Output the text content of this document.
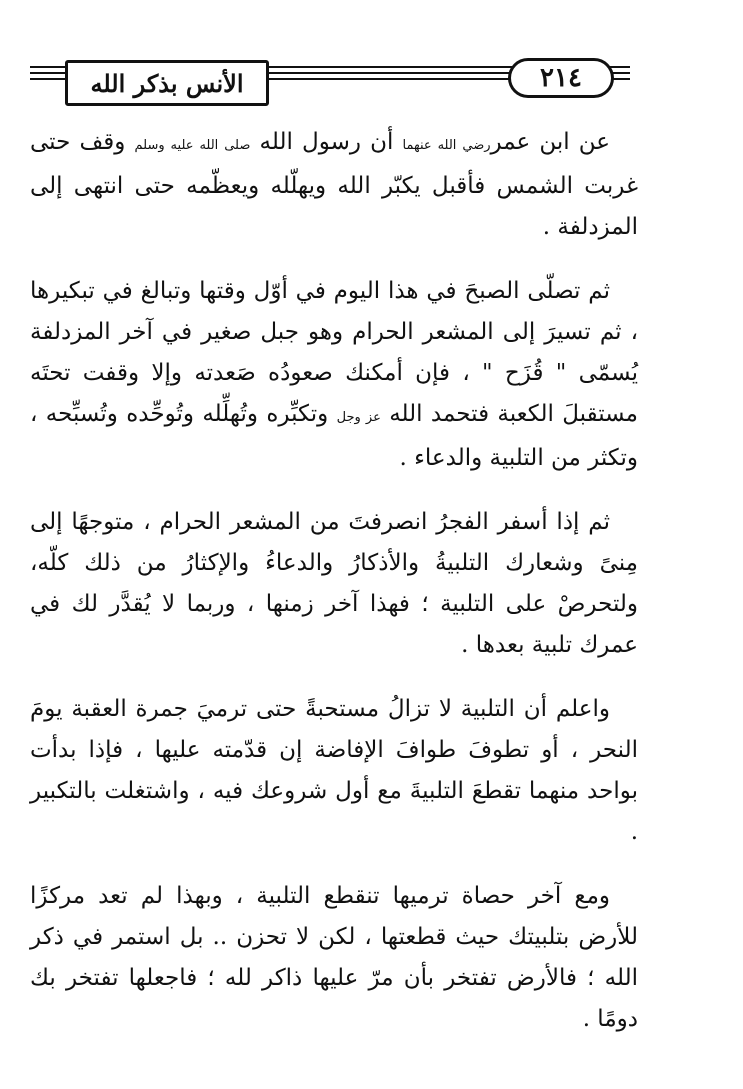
الأنس بذكر الله	٢١٤

عن ابن عمررضي الله عنهما أن رسول الله صلى الله عليه وسلم وقف حتى غربت الشمس فأقبل يكبّر الله ويهلّله ويعظّمه حتى انتهى إلى المزدلفة .

ثم تصلّى الصبحَ في هذا اليوم في أوّل وقتها وتبالغ في تبكيرها ، ثم تسيرَ إلى المشعر الحرام وهو جبل صغير في آخر المزدلفة يُسمّى " قُزَح " ، فإن أمكنك صعودُه صَعدته وإلا وقفت تحتَه مستقبلَ الكعبة فتحمد الله عز وجل وتكبِّره وتُهلِّله وتُوحِّده وتُسبِّحه ، وتكثر من التلبية والدعاء .

ثم إذا أسفر الفجرُ انصرفتَ من المشعر الحرام ، متوجهًا إلى مِنىً وشعارك التلبيةُ والأذكارُ والدعاءُ والإكثارُ من ذلك كلّه، ولتحرصْ على التلبية ؛ فهذا آخر زمنها ، وربما لا يُقدَّر لك في عمرك تلبية بعدها .

واعلم أن التلبية لا تزالُ مستحبةً حتى ترميَ جمرة العقبة يومَ النحر ، أو تطوفَ طوافَ الإفاضة إن قدّمته عليها ، فإذا بدأت بواحد منهما تقطعَ التلبيةَ مع أول شروعك فيه ، واشتغلت بالتكبير .

ومع آخر حصاة ترميها تنقطع التلبية ، وبهذا لم تعد مركزًا للأرض بتلبيتك حيث قطعتها ، لكن لا تحزن .. بل استمر في ذكر الله ؛ فالأرض تفتخر بأن مرّ عليها ذاكر لله ؛ فاجعلها تفتخر بك دومًا .
